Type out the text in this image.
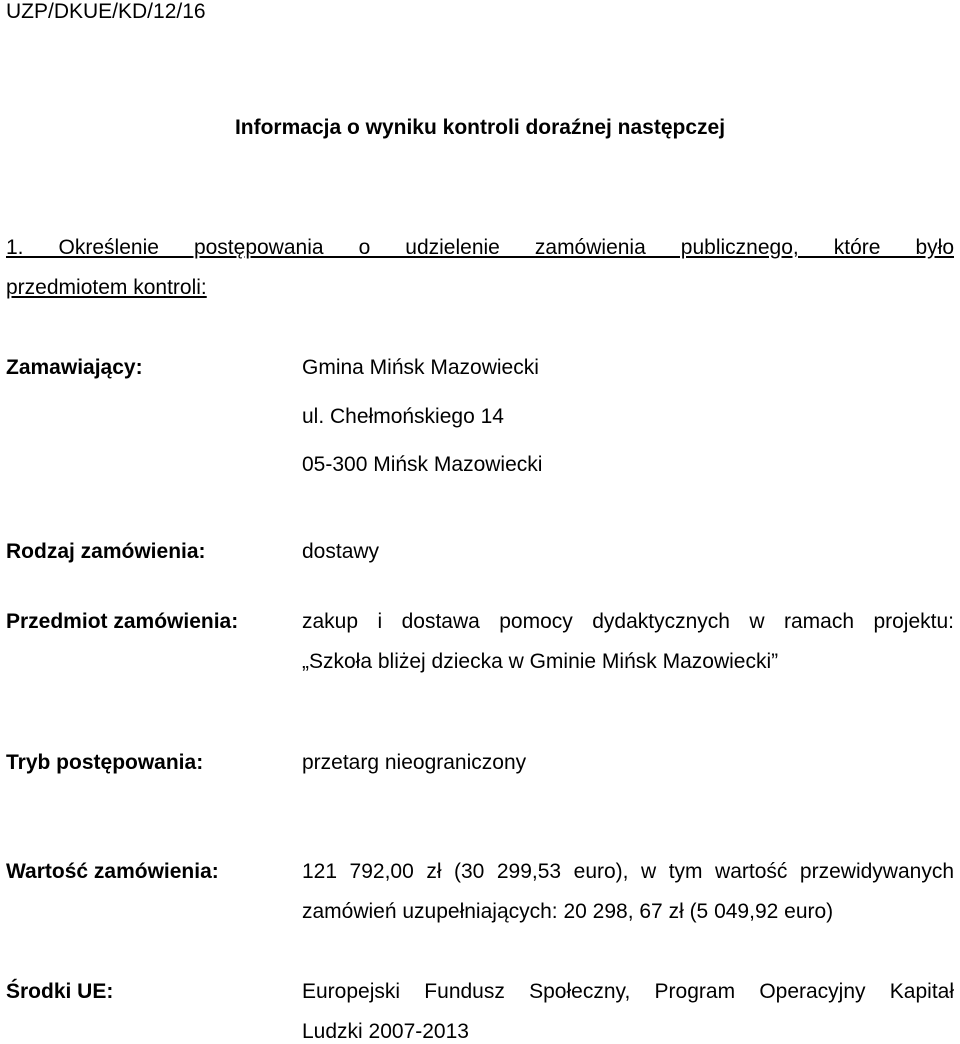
UZP/DKUE/KD/12/16
Informacja o wyniku kontroli doraźnej następczej
1. Określenie postępowania o udzielenie zamówienia publicznego, które było
przedmiotem kontroli:
Zamawiający:	Gmina Mińsk Mazowiecki
ul. Chełmońskiego 14
05-300 Mińsk Mazowiecki
Rodzaj zamówienia:	dostawy
Przedmiot zamówienia:	zakup i dostawa pomocy dydaktycznych w ramach projektu:
„Szkoła bliżej dziecka w Gminie Mińsk Mazowiecki”
Tryb postępowania:	przetarg nieograniczony
Wartość zamówienia:	121 792,00 zł (30 299,53 euro), w tym wartość przewidywanych
zamówień uzupełniających: 20 298, 67 zł (5 049,92 euro)
Środki UE:	Europejski Fundusz Społeczny, Program Operacyjny Kapitał
Ludzki 2007-2013
